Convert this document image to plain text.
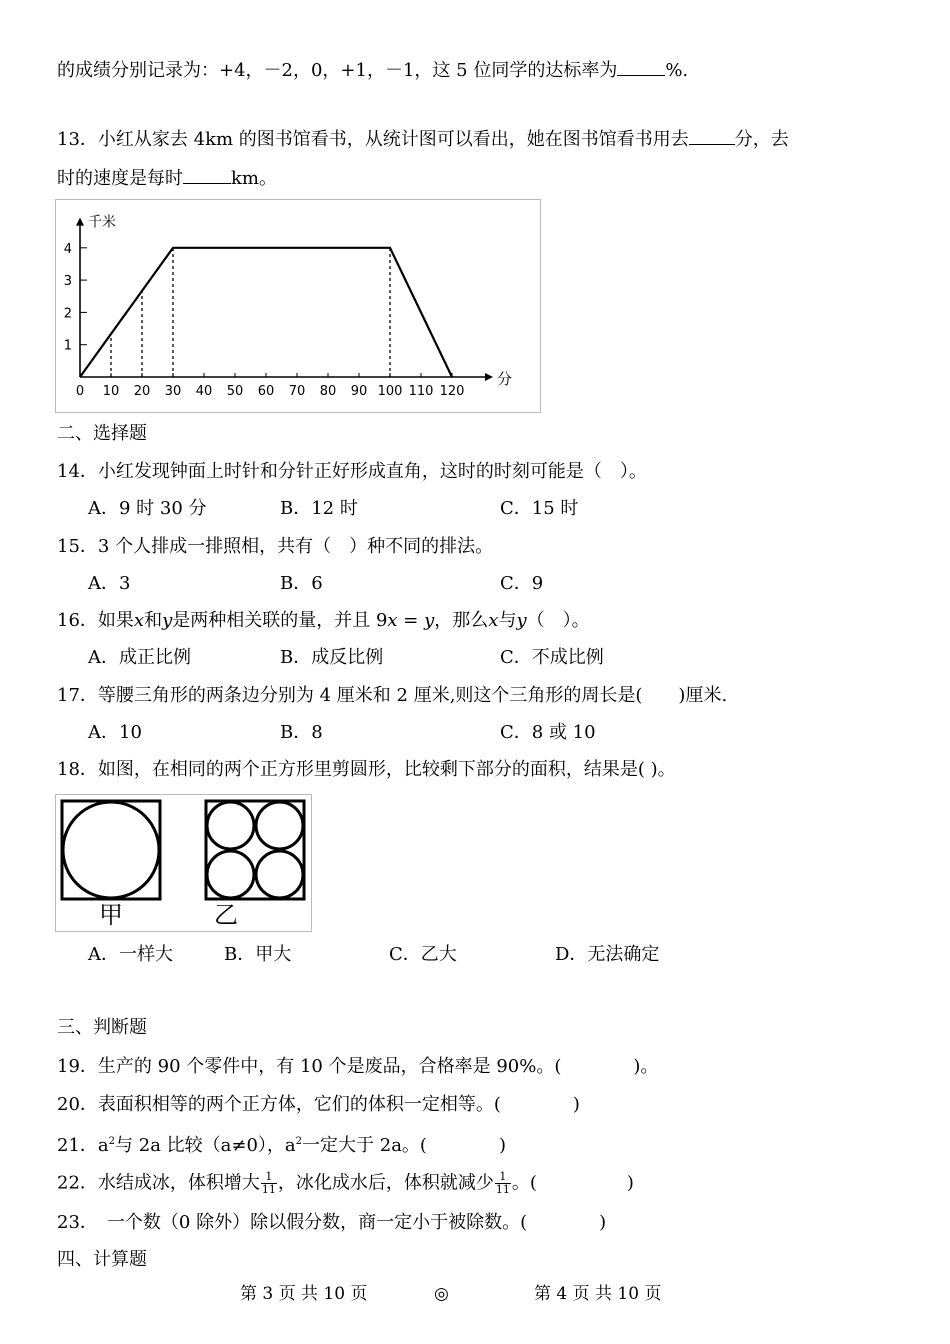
的成绩分别记录为：+4，－2，0，+1，－1，这 5 位同学的达标率为	%.
13．小红从家去 4km 的图书馆看书，从统计图可以看出，她在图书馆看书用去	分，去
时的速度是每时	km。
分
千米
0 10 20 30 40 50 60 70 80 90 100 110 120
1
2
3
4
二、选择题
14．小红发现钟面上时针和分针正好形成直角，这时的时刻可能是（　）。
A．9 时 30 分	B．12 时	C．15 时
15．3 个人排成一排照相，共有（　）种不同的排法。
A．3	B．6	C．9
16．如果x和y是两种相关联的量，并且 9x = y，那么x与y（　）。
A．成正比例	B．成反比例	C．不成比例
17．等腰三角形的两条边分别为 4 厘米和 2 厘米,则这个三角形的周长是(　　)厘米.
A．10	B．8	C．8 或 10
18．如图，在相同的两个正方形里剪圆形，比较剩下部分的面积，结果是( )。
甲	乙
A．一样大	B．甲大	C．乙大	D．无法确定
三、判断题
19．生产的 90 个零件中，有 10 个是废品，合格率是 90%。(　　　　)。
20．表面积相等的两个正方体，它们的体积一定相等。(　　　　)
21．$a^2$与 2a 比较（a≠0），$a^2$一定大于 2a。(　　　　)
22．水结成冰，体积增大 $\frac{1}{11}$ ，冰化成水后，体积就减少 $\frac{1}{11}$ 。(　　　　　)
23．　一个数（0 除外）除以假分数，商一定小于被除数。(　　　　)
四、计算题
第 3 页 共 10 页	◎	第 4 页 共 10 页
